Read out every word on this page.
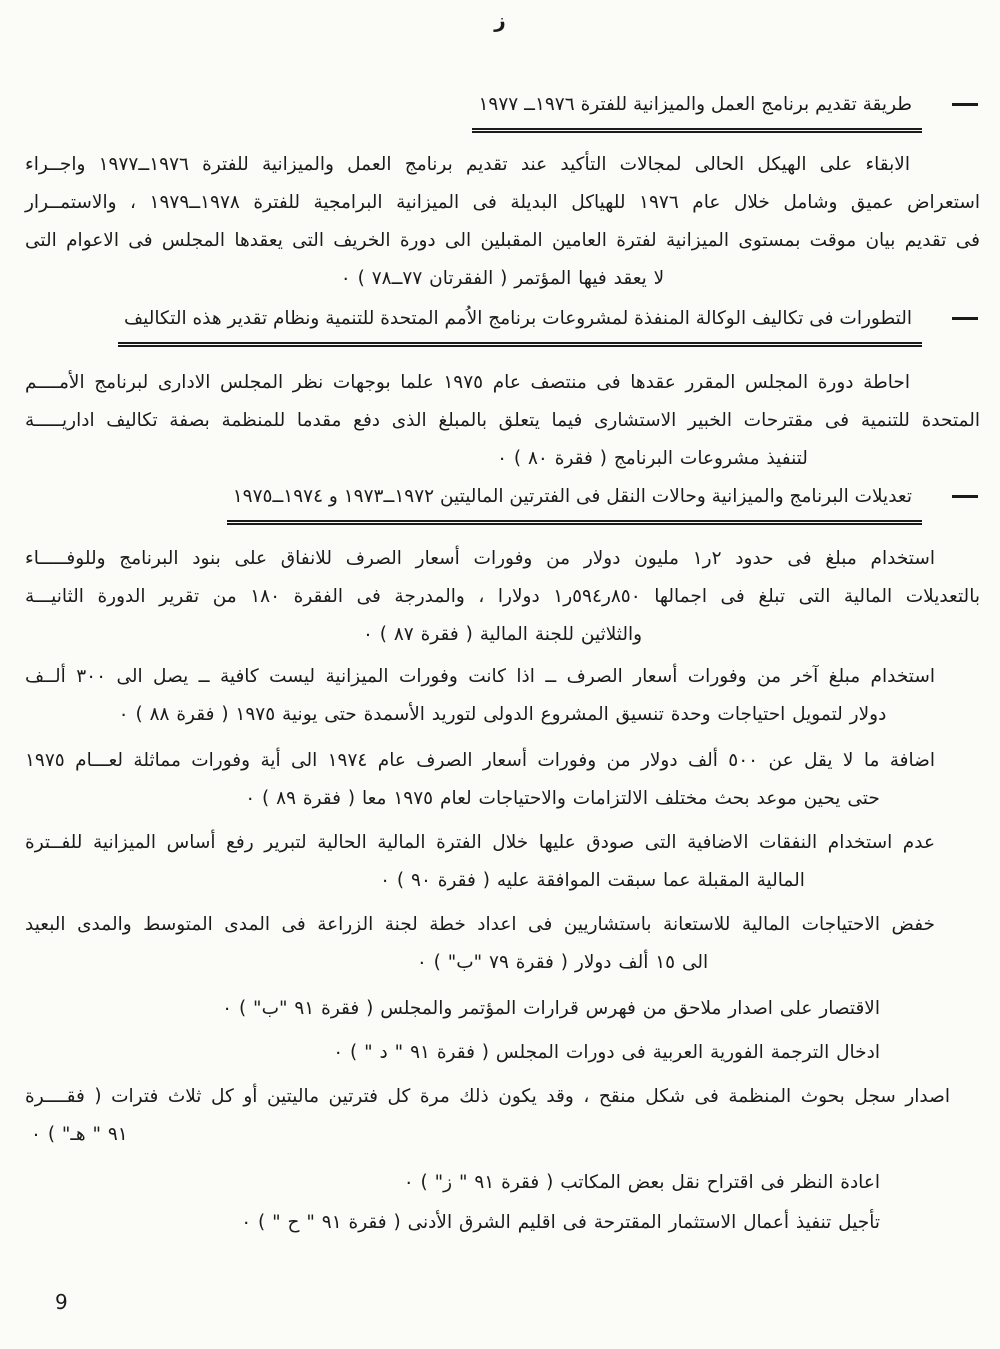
ز
طريقة تقديم برنامج العمل والميزانية للفترة ١٩٧٦ــ ١٩٧٧
الابقاء على الهيكل الحالى لمجالات التأكيد عند تقديم برنامج العمل والميزانية للفترة ١٩٧٦ــ١٩٧٧ واجــراء
استعراض عميق وشامل خلال عام ١٩٧٦ للهياكل البديلة فى الميزانية البرامجية للفترة ١٩٧٨ــ١٩٧٩ ، والاستمــرار
فى تقديم بيان موقت بمستوى الميزانية لفترة العامين المقبلين الى دورة الخريف التى يعقدها المجلس فى الاعوام التى
لا يعقد فيها المؤتمر ( الفقرتان ٧٧ــ٧٨ ) ٠
التطورات فى تكاليف الوكالة المنفذة لمشروعات برنامج الاُمم المتحدة للتنمية ونظام تقدير هذه التكاليف
احاطة دورة المجلس المقرر عقدها فى منتصف عام ١٩٧٥ علما بوجهات نظر المجلس الادارى لبرنامج الأمــــم
المتحدة للتنمية فى مقترحات الخبير الاستشارى فيما يتعلق بالمبلغ الذى دفع مقدما للمنظمة بصفة تكاليف اداريـــــة
لتنفيذ مشروعات البرنامج ( فقرة ٨٠ ) ٠
تعديلات البرنامج والميزانية وحالات النقل فى الفترتين الماليتين ١٩٧٢ــ١٩٧٣ و ١٩٧٤ــ١٩٧٥
استخدام مبلغ فى حدود ٢ر١ مليون دولار من وفورات أسعار الصرف للانفاق على بنود البرنامج وللوفـــــاء
بالتعديلات المالية التى تبلغ فى اجمالها ٨٥٠ر٥٩٤ر١ دولارا ، والمدرجة فى الفقرة ١٨٠ من تقرير الدورة الثانيـــة
والثلاثين للجنة المالية ( فقرة ٨٧ ) ٠
استخدام مبلغ آخر من وفورات أسعار الصرف ــ اذا كانت وفورات الميزانية ليست كافية ــ يصل الى ٣٠٠ ألــف
دولار لتمويل احتياجات وحدة تنسيق المشروع الدولى لتوريد الأسمدة حتى يونية ١٩٧٥ ( فقرة ٨٨ ) ٠
اضافة ما لا يقل عن ٥٠٠ ألف دولار من وفورات أسعار الصرف عام ١٩٧٤ الى أية وفورات مماثلة لعـــام ١٩٧٥
حتى يحين موعد بحث مختلف الالتزامات والاحتياجات لعام ١٩٧٥ معا ( فقرة ٨٩ ) ٠
عدم استخدام النفقات الاضافية التى صودق عليها خلال الفترة المالية الحالية لتبرير رفع أساس الميزانية للفــترة
المالية المقبلة عما سبقت الموافقة عليه ( فقرة ٩٠ ) ٠
خفض الاحتياجات المالية للاستعانة باستشاريين فى اعداد خطة لجنة الزراعة فى المدى المتوسط والمدى البعيد
الى ١٥ ألف دولار ( فقرة ٧٩ "ب" ) ٠
الاقتصار على اصدار ملاحق من فهرس قرارات المؤتمر والمجلس ( فقرة ٩١ "ب" ) ٠
ادخال الترجمة الفورية العربية فى دورات المجلس ( فقرة ٩١ " د " ) ٠
اصدار سجل بحوث المنظمة فى شكل منقح ، وقد يكون ذلك مرة كل فترتين ماليتين أو كل ثلاث فترات ( فقــــرة
٩١ " هـ" ) ٠
اعادة النظر فى اقتراح نقل بعض المكاتب ( فقرة ٩١ " ز" ) ٠
تأجيل تنفيذ أعمال الاستثمار المقترحة فى اقليم الشرق الأدنى ( فقرة ٩١ " ح " ) ٠
9
